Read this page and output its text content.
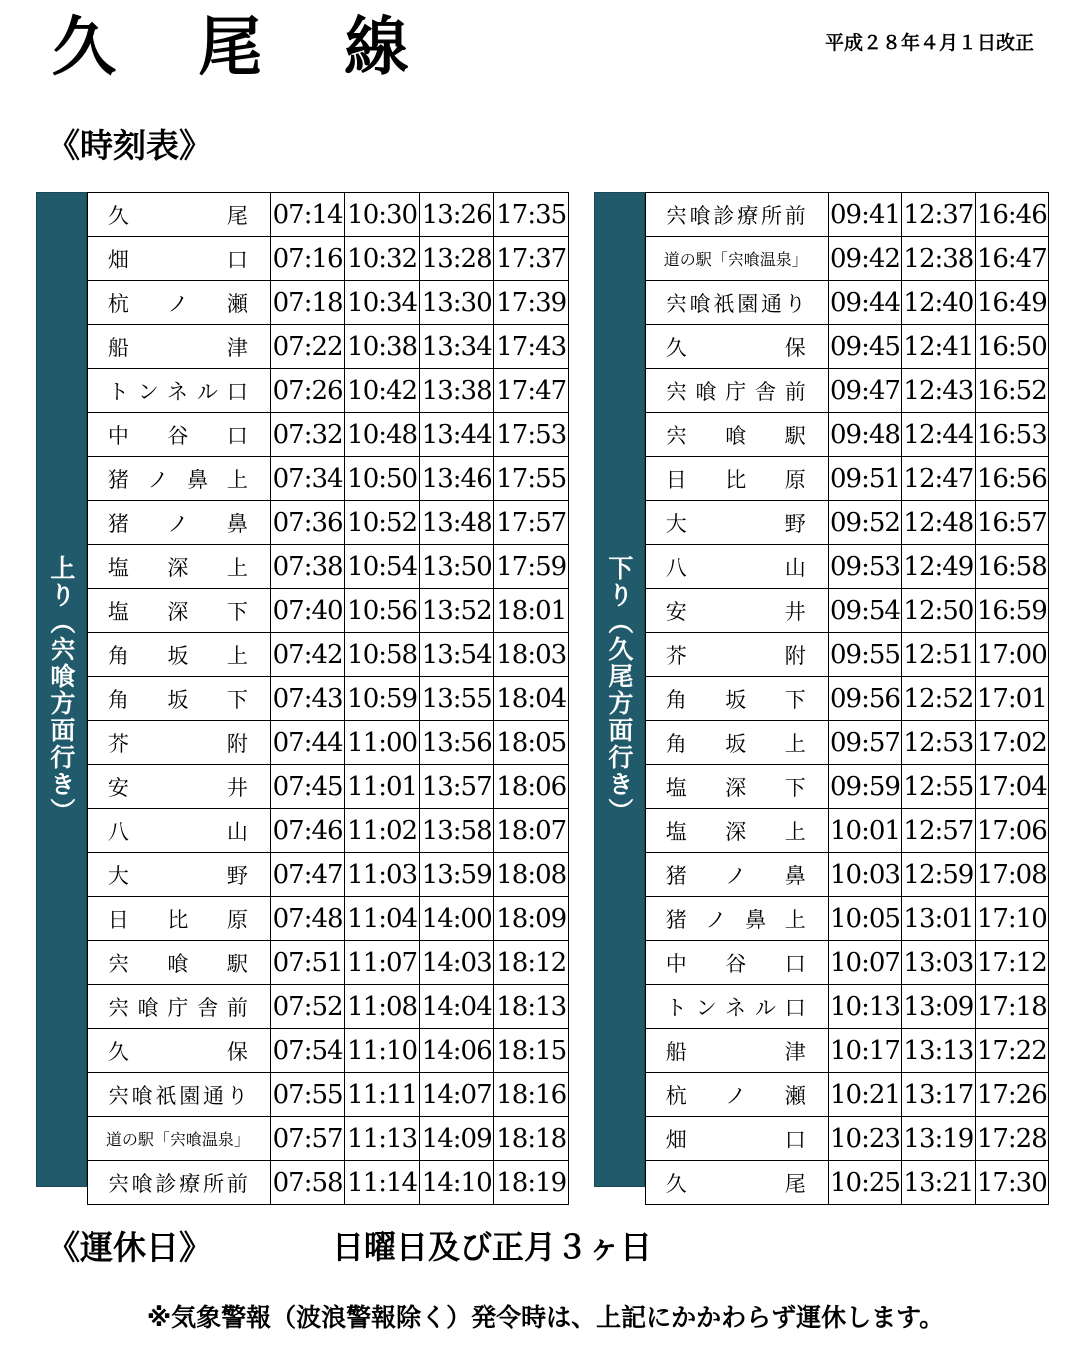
久 尾 線	平成２８年４月１日改正
《時刻表》
上り（宍喰方面行き）
久　　　尾	07:14	10:30	13:26	17:35
畑　　　口	07:16	10:32	13:28	17:37
杭　ノ　瀬	07:18	10:34	13:30	17:39
船　　　津	07:22	10:38	13:34	17:43
トンネル口	07:26	10:42	13:38	17:47
中　谷　口	07:32	10:48	13:44	17:53
猪ノ鼻上	07:34	10:50	13:46	17:55
猪　ノ　鼻	07:36	10:52	13:48	17:57
塩　深　上	07:38	10:54	13:50	17:59
塩　深　下	07:40	10:56	13:52	18:01
角　坂　上	07:42	10:58	13:54	18:03
角　坂　下	07:43	10:59	13:55	18:04
芥　　　附	07:44	11:00	13:56	18:05
安　　　井	07:45	11:01	13:57	18:06
八　　　山	07:46	11:02	13:58	18:07
大　　　野	07:47	11:03	13:59	18:08
日　比　原	07:48	11:04	14:00	18:09
宍　喰　駅	07:51	11:07	14:03	18:12
宍喰庁舎前	07:52	11:08	14:04	18:13
久　　　保	07:54	11:10	14:06	18:15
宍喰祇園通り	07:55	11:11	14:07	18:16
道の駅「宍喰温泉」	07:57	11:13	14:09	18:18
宍喰診療所前	07:58	11:14	14:10	18:19
下り（久尾方面行き）
宍喰診療所前	09:41	12:37	16:46
道の駅「宍喰温泉」	09:42	12:38	16:47
宍喰祇園通り	09:44	12:40	16:49
久　　　保	09:45	12:41	16:50
宍喰庁舎前	09:47	12:43	16:52
宍　喰　駅	09:48	12:44	16:53
日　比　原	09:51	12:47	16:56
大　　　野	09:52	12:48	16:57
八　　　山	09:53	12:49	16:58
安　　　井	09:54	12:50	16:59
芥　　　附	09:55	12:51	17:00
角　坂　下	09:56	12:52	17:01
角　坂　上	09:57	12:53	17:02
塩　深　下	09:59	12:55	17:04
塩　深　上	10:01	12:57	17:06
猪　ノ　鼻	10:03	12:59	17:08
猪ノ鼻上	10:05	13:01	17:10
中　谷　口	10:07	13:03	17:12
トンネル口	10:13	13:09	17:18
船　　　津	10:17	13:13	17:22
杭　ノ　瀬	10:21	13:17	17:26
畑　　　口	10:23	13:19	17:28
久　　　尾	10:25	13:21	17:30
《運休日》	日曜日及び正月３ヶ日
※気象警報（波浪警報除く）発令時は、上記にかかわらず運休します。
